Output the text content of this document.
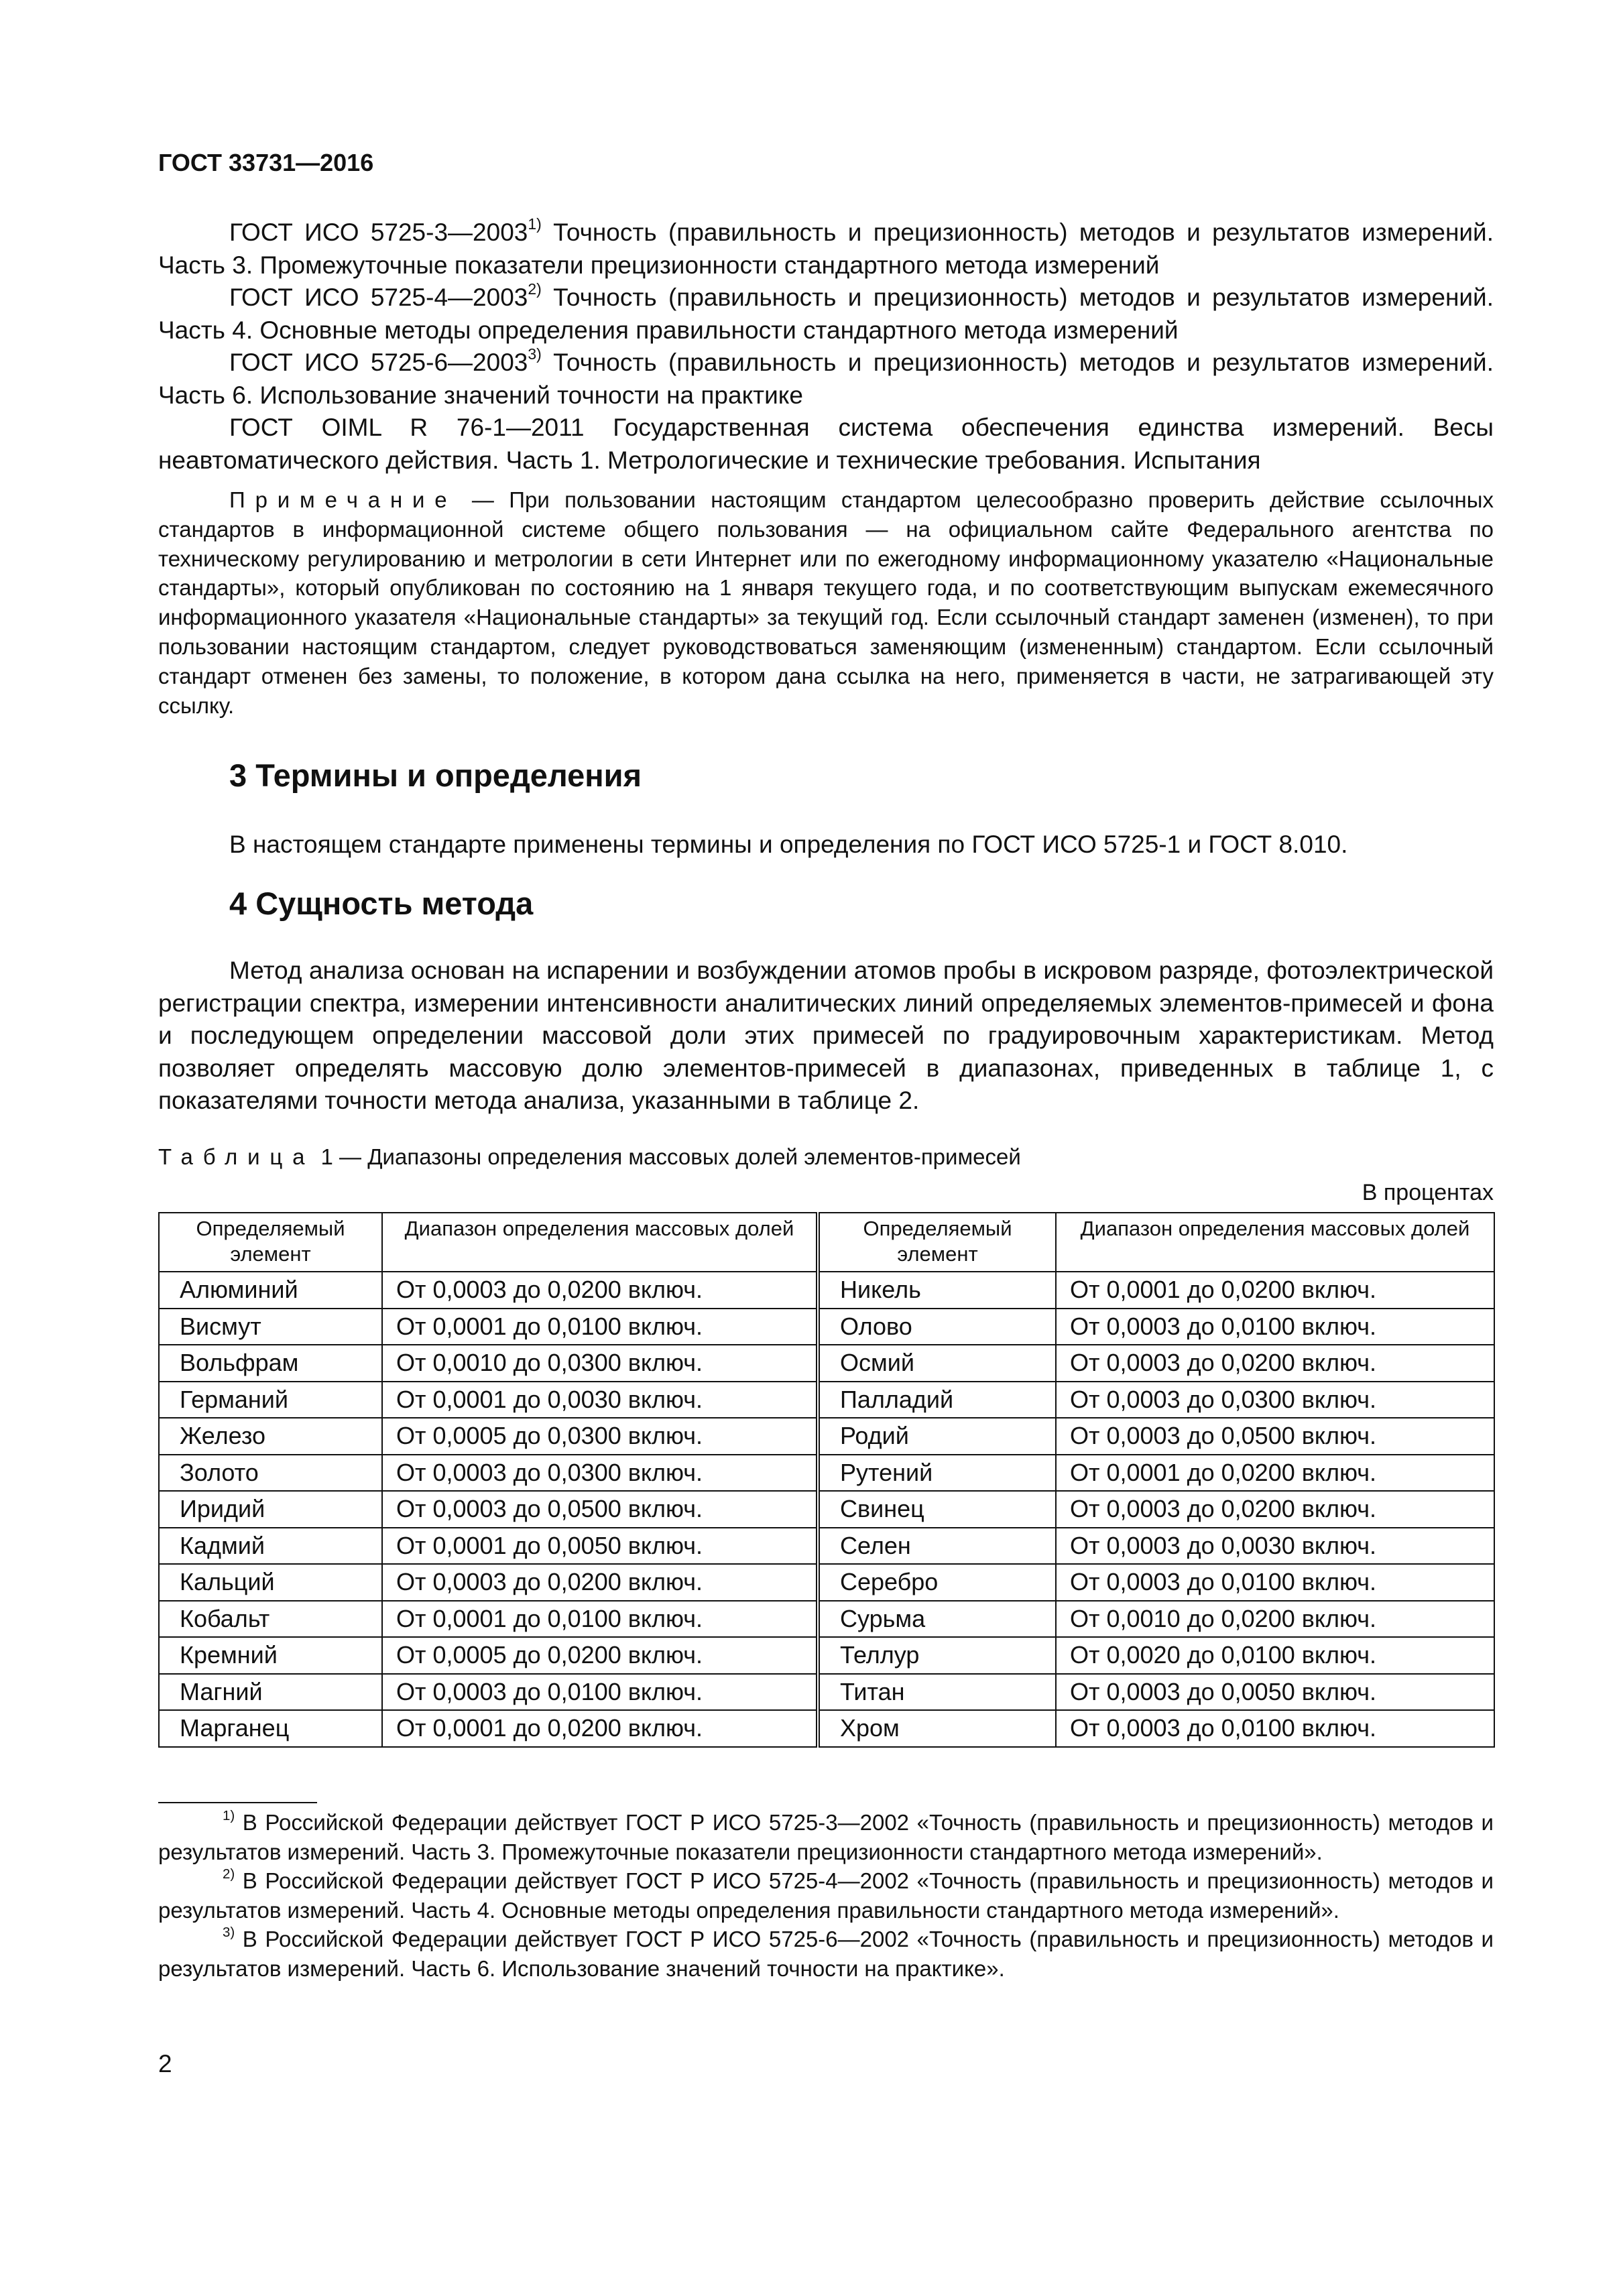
ГОСТ 33731—2016

ГОСТ ИСО 5725-3—2003$^{1)}$ Точность (правильность и прецизионность) методов и результатов измерений. Часть 3. Промежуточные показатели прецизионности стандартного метода измерений

ГОСТ ИСО 5725-4—2003$^{2)}$ Точность (правильность и прецизионность) методов и результатов измерений. Часть 4. Основные методы определения правильности стандартного метода измерений

ГОСТ ИСО 5725-6—2003$^{3)}$ Точность (правильность и прецизионность) методов и результатов измерений. Часть 6. Использование значений точности на практике

ГОСТ OIML R 76-1—2011 Государственная система обеспечения единства измерений. Весы неавтоматического действия. Часть 1. Метрологические и технические требования. Испытания

Примечание — При пользовании настоящим стандартом целесообразно проверить действие ссылочных стандартов в информационной системе общего пользования — на официальном сайте Федерального агентства по техническому регулированию и метрологии в сети Интернет или по ежегодному информационному указателю «Национальные стандарты», который опубликован по состоянию на 1 января текущего года, и по соответствующим выпускам ежемесячного информационного указателя «Национальные стандарты» за текущий год. Если ссылочный стандарт заменен (изменен), то при пользовании настоящим стандартом, следует руководствоваться заменяющим (измененным) стандартом. Если ссылочный стандарт отменен без замены, то положение, в котором дана ссылка на него, применяется в части, не затрагивающей эту ссылку.

3 Термины и определения

В настоящем стандарте применены термины и определения по ГОСТ ИСО 5725-1 и ГОСТ 8.010.

4 Сущность метода

Метод анализа основан на испарении и возбуждении атомов пробы в искровом разряде, фотоэлектрической регистрации спектра, измерении интенсивности аналитических линий определяемых элементов-примесей и фона и последующем определении массовой доли этих примесей по градуировочным характеристикам. Метод позволяет определять массовую долю элементов-примесей в диапазонах, приведенных в таблице 1, с показателями точности метода анализа, указанными в таблице 2.

Таблица 1 — Диапазоны определения массовых долей элементов-примесей
В процентах
Определяемый элемент	Диапазон определения массовых долей	Определяемый элемент	Диапазон определения массовых долей
Алюминий	От 0,0003 до 0,0200 включ.	Никель	От 0,0001 до 0,0200 включ.
Висмут	От 0,0001 до 0,0100 включ.	Олово	От 0,0003 до 0,0100 включ.
Вольфрам	От 0,0010 до 0,0300 включ.	Осмий	От 0,0003 до 0,0200 включ.
Германий	От 0,0001 до 0,0030 включ.	Палладий	От 0,0003 до 0,0300 включ.
Железо	От 0,0005 до 0,0300 включ.	Родий	От 0,0003 до 0,0500 включ.
Золото	От 0,0003 до 0,0300 включ.	Рутений	От 0,0001 до 0,0200 включ.
Иридий	От 0,0003 до 0,0500 включ.	Свинец	От 0,0003 до 0,0200 включ.
Кадмий	От 0,0001 до 0,0050 включ.	Селен	От 0,0003 до 0,0030 включ.
Кальций	От 0,0003 до 0,0200 включ.	Серебро	От 0,0003 до 0,0100 включ.
Кобальт	От 0,0001 до 0,0100 включ.	Сурьма	От 0,0010 до 0,0200 включ.
Кремний	От 0,0005 до 0,0200 включ.	Теллур	От 0,0020 до 0,0100 включ.
Магний	От 0,0003 до 0,0100 включ.	Титан	От 0,0003 до 0,0050 включ.
Марганец	От 0,0001 до 0,0200 включ.	Хром	От 0,0003 до 0,0100 включ.

$^{1)}$ В Российской Федерации действует ГОСТ Р ИСО 5725-3—2002 «Точность (правильность и прецизионность) методов и результатов измерений. Часть 3. Промежуточные показатели прецизионности стандартного метода измерений».

$^{2)}$ В Российской Федерации действует ГОСТ Р ИСО 5725-4—2002 «Точность (правильность и прецизионность) методов и результатов измерений. Часть 4. Основные методы определения правильности стандартного метода измерений».

$^{3)}$ В Российской Федерации действует ГОСТ Р ИСО 5725-6—2002 «Точность (правильность и прецизионность) методов и результатов измерений. Часть 6. Использование значений точности на практике».

2
